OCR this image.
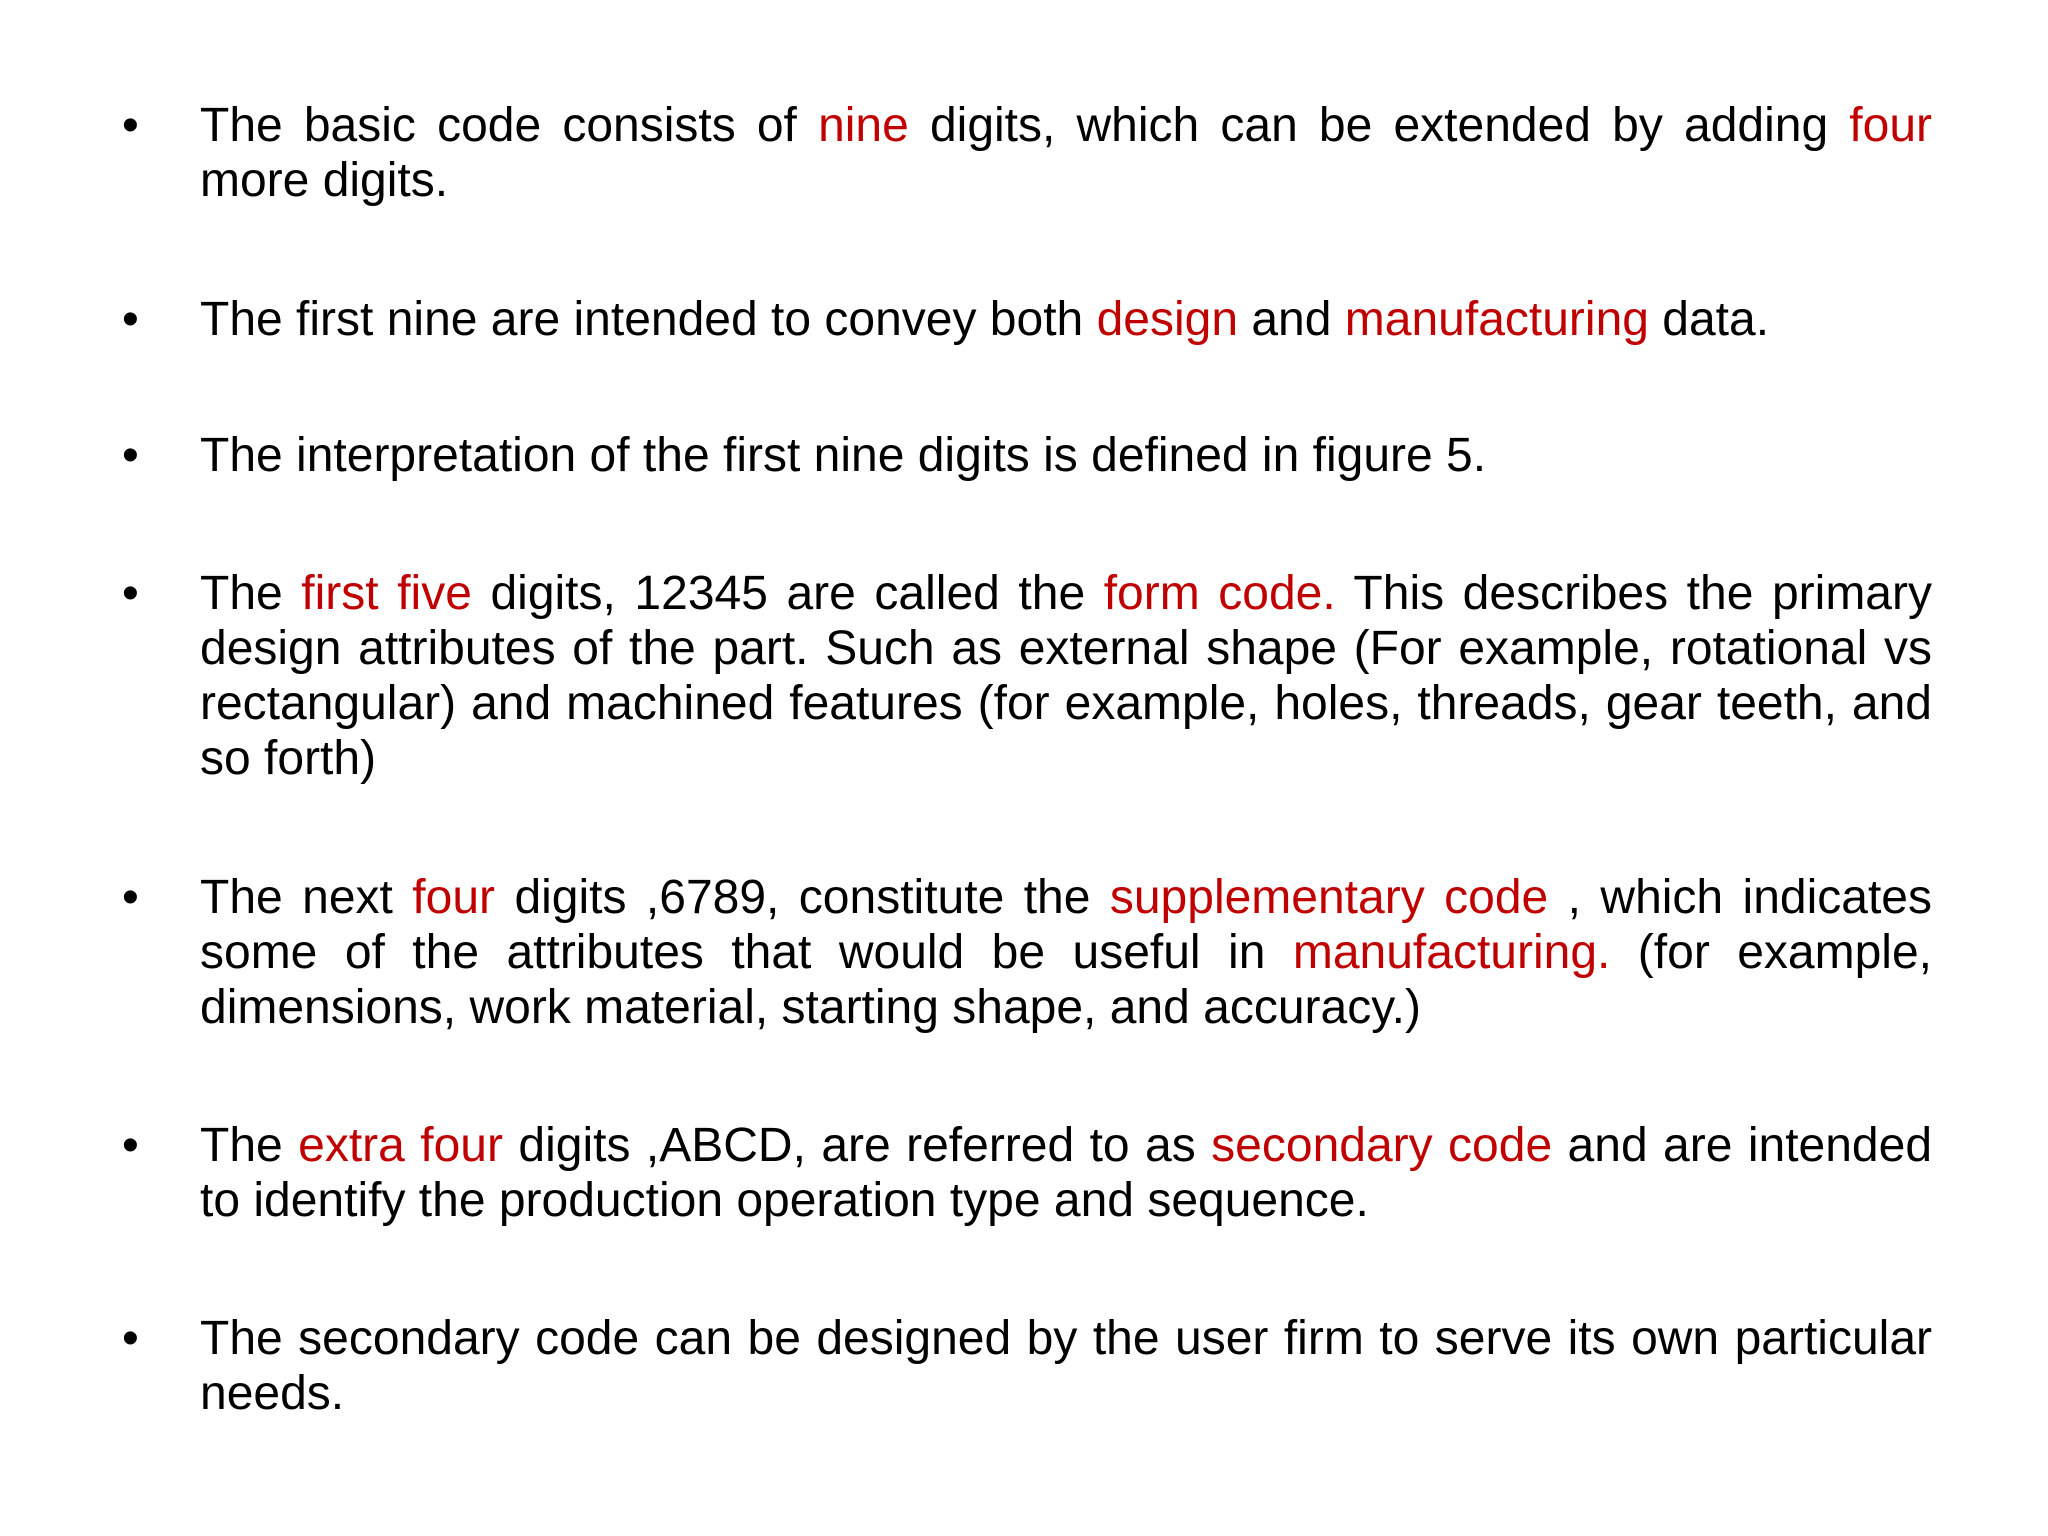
• The basic code consists of nine digits, which can be extended by adding four more digits.
• The first nine are intended to convey both design and manufacturing data.
• The interpretation of the first nine digits is defined in figure 5.
• The first five digits, 12345 are called the form code. This describes the primary design attributes of the part. Such as external shape (For example, rotational vs rectangular) and machined features (for example, holes, threads, gear teeth, and so forth)
• The next four digits ,6789, constitute the supplementary code , which indicates some of the attributes that would be useful in manufacturing. (for example, dimensions, work material, starting shape, and accuracy.)
• The extra four digits ,ABCD, are referred to as secondary code and are intended to identify the production operation type and sequence.
• The secondary code can be designed by the user firm to serve its own particular needs.
